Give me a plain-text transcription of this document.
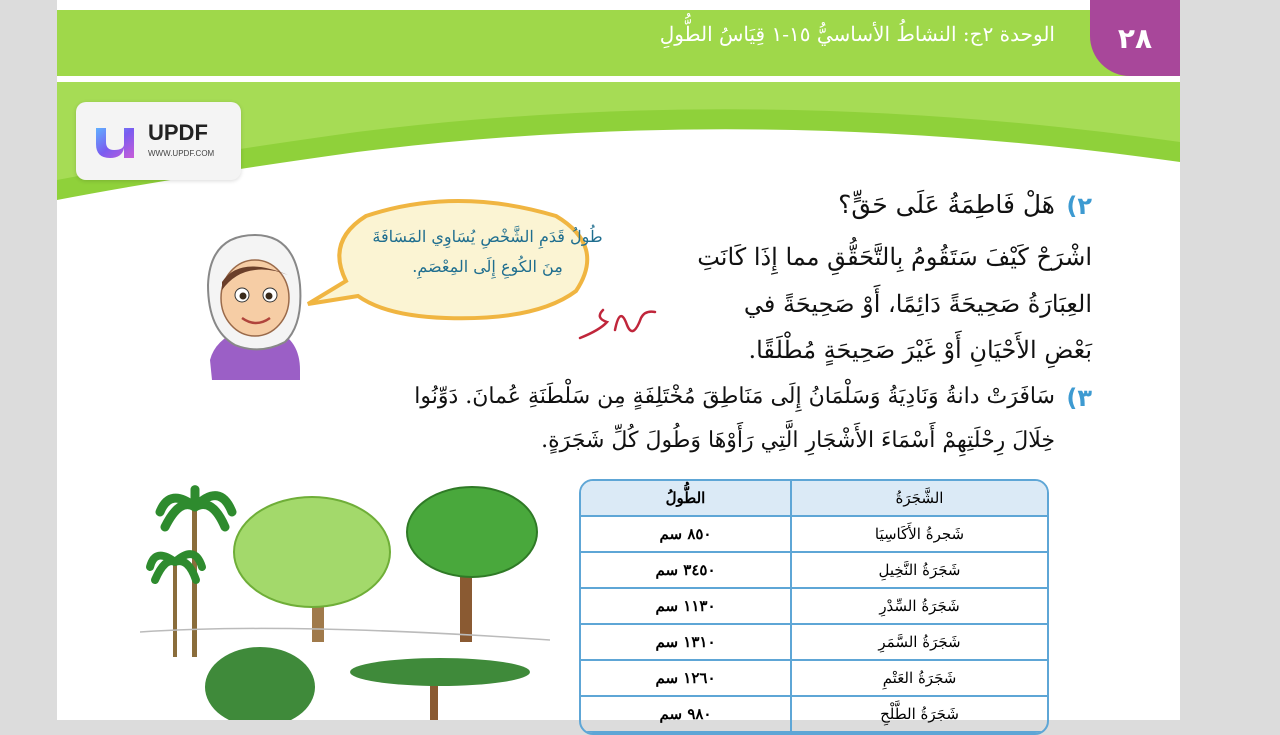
٢٨
الوحدة ٢ج: النشاطُ الأساسيُّ ١٥-١ قِيَاسُ الطُّولِ
٢)
هَلْ فَاطِمَةُ عَلَى حَقٍّ؟
اشْرَحْ كَيْفَ سَتَقُومُ بِالتَّحَقُّقِ مما إِذَا كَانَتِ
العِبَارَةُ صَحِيحَةً دَائِمًا، أَوْ صَحِيحَةً في
بَعْضِ الأَحْيَانِ أَوْ غَيْرَ صَحِيحَةٍ مُطْلَقًا.
٣)
سَافَرَتْ دانةُ وَنَادِيَةُ وَسَلْمَانُ إِلَى مَنَاطِقَ مُخْتَلِفَةٍ مِن سَلْطَنَةِ عُمانَ. دَوِّنُوا
خِلَالَ رِحْلَتِهِمْ أَسْمَاءَ الأَشْجَارِ الَّتِي رَأَوْهَا وَطُولَ كُلِّ شَجَرَةٍ.
UPDF
WWW.UPDF.COM
طُولُ قَدَمِ الشَّخْصِ يُسَاوِي المَسَافَةَ مِنَ الكُوعِ إِلَى المِعْصَمِ.
الطُّولُ	الشَّجَرَةُ
٨٥٠ سم	شَجرةُ الأَكَاسِيَا
٣٤٥٠ سم	شَجَرَةُ النَّخِيلِ
١١٣٠ سم	شَجَرَةُ السِّدْرِ
١٣١٠ سم	شَجَرَةُ السَّمَرِ
١٢٦٠ سم	شَجَرَةُ العَتْمِ
٩٨٠ سم	شَجَرَةُ الطَّلْحِ
